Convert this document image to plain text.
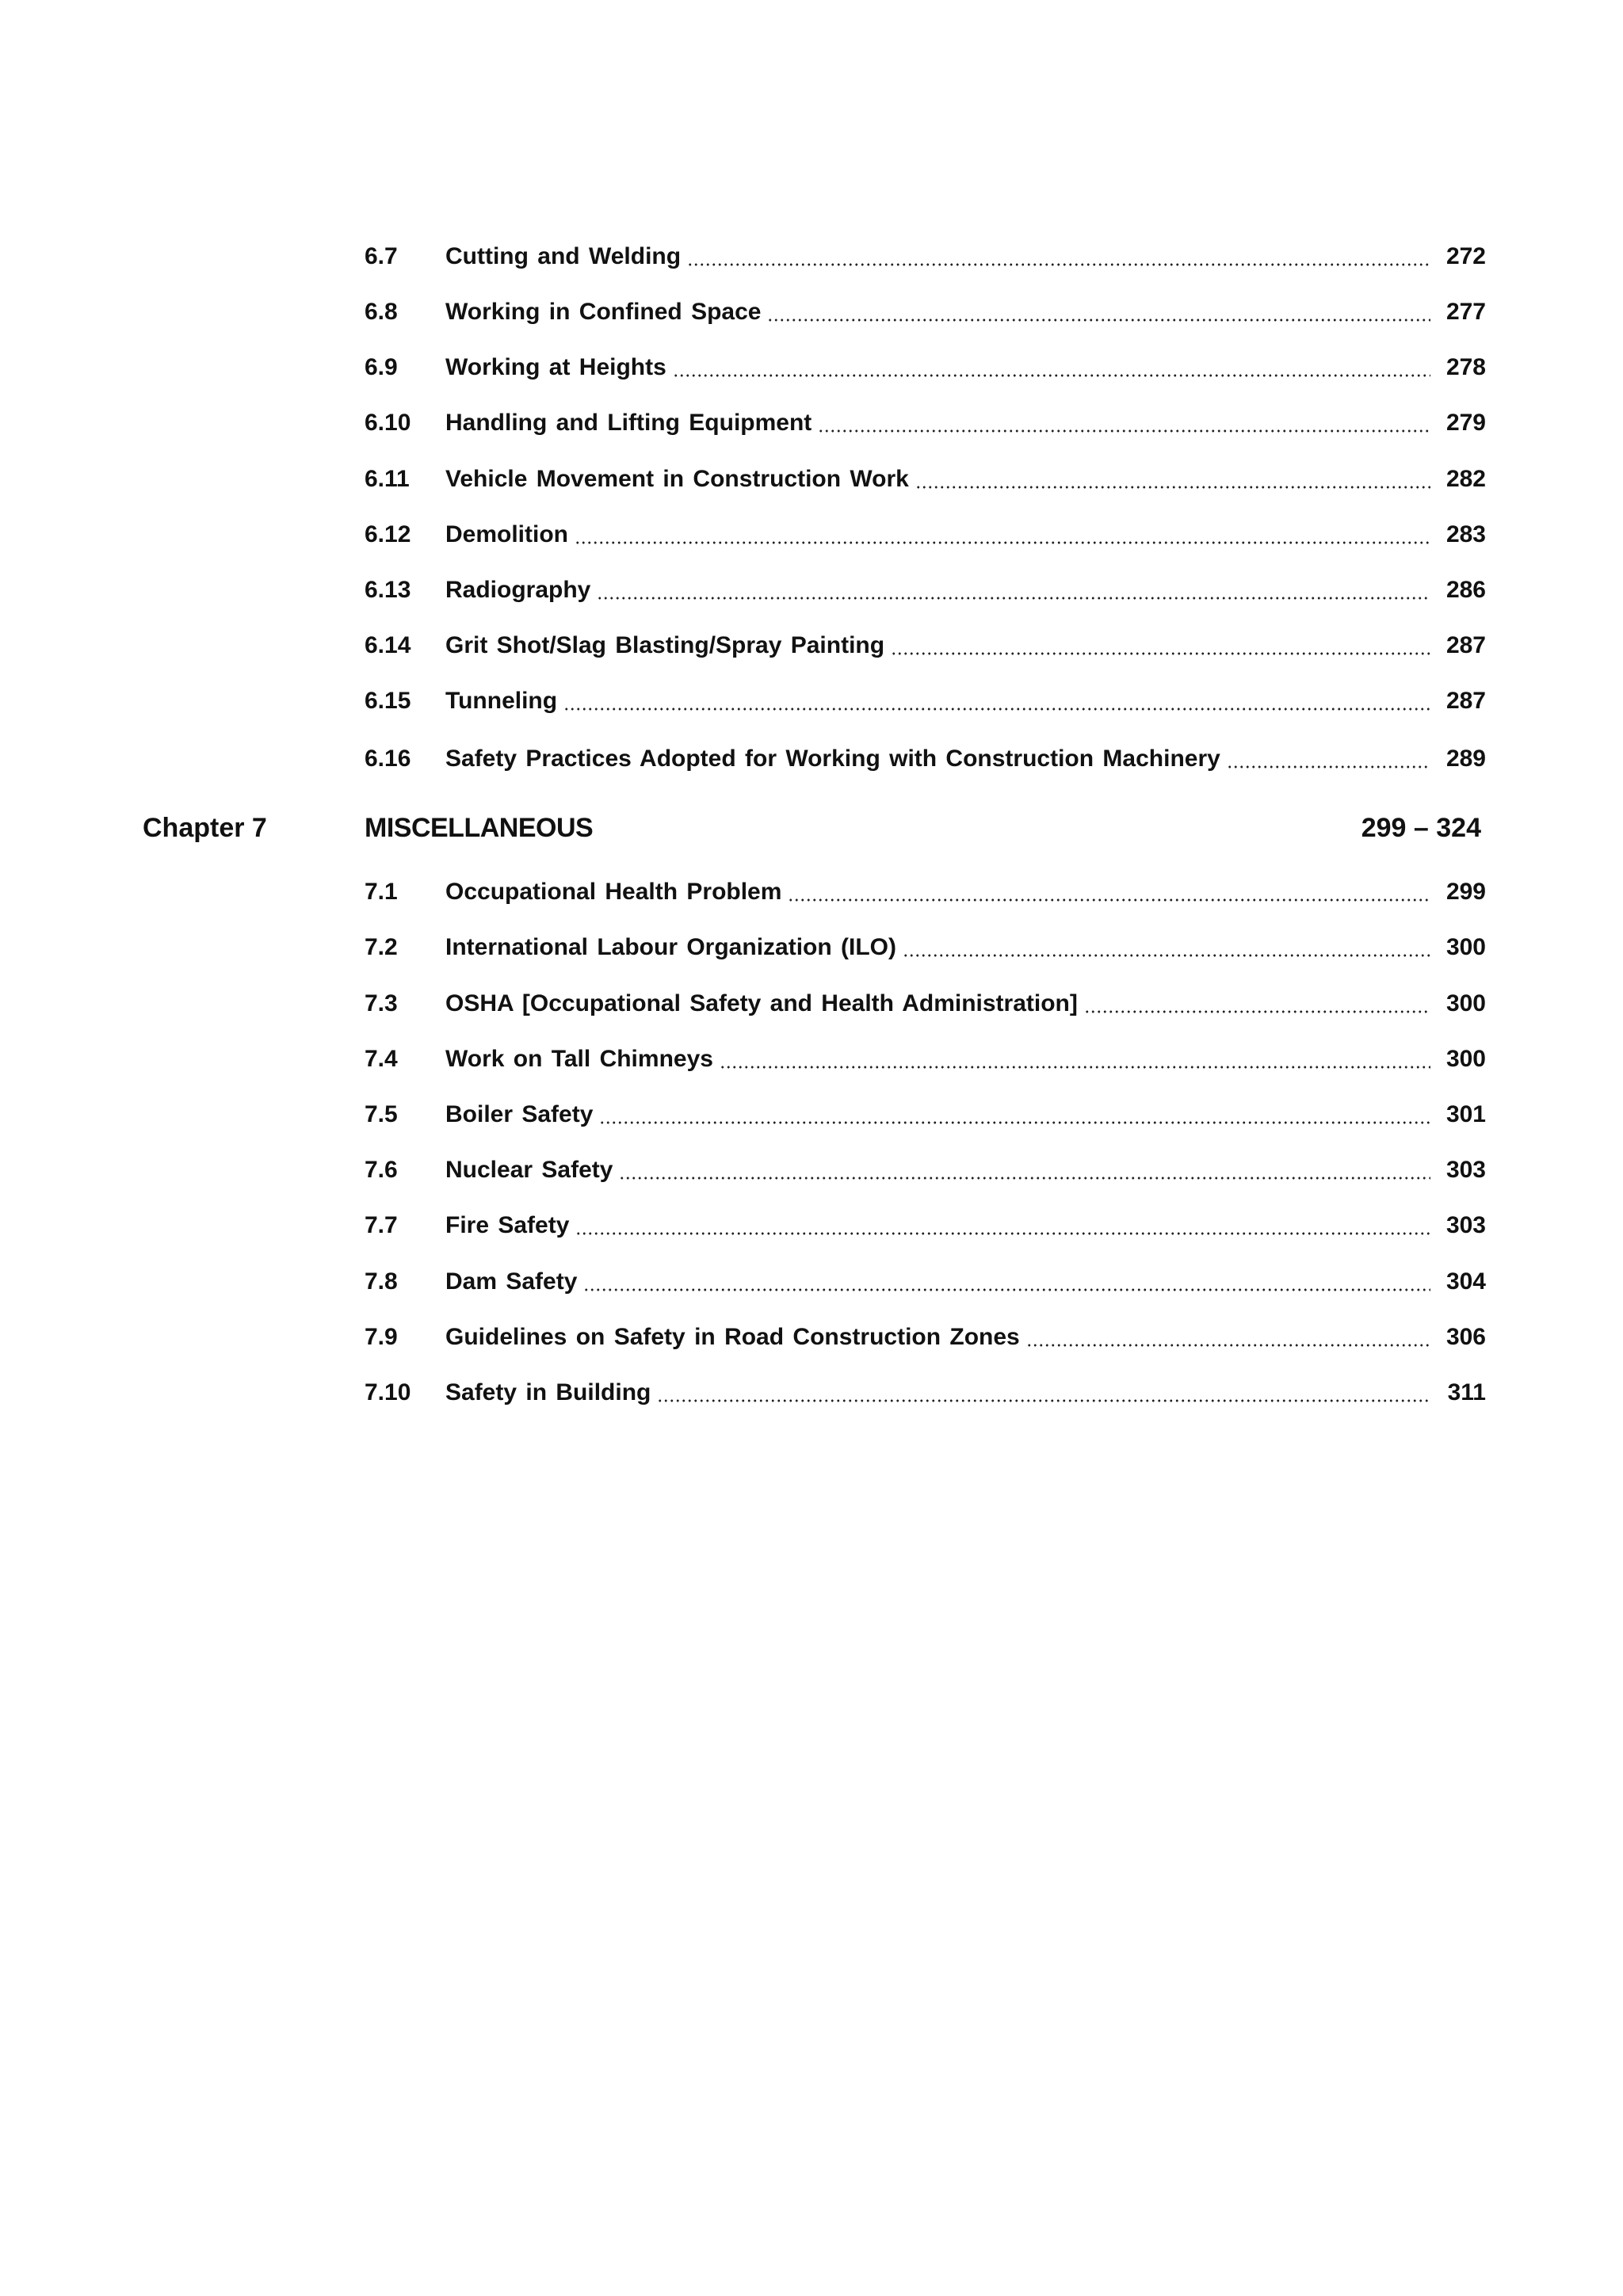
6.7	Cutting and Welding	272
6.8	Working in Confined Space	277
6.9	Working at Heights	278
6.10	Handling and Lifting Equipment	279
6.11	Vehicle Movement in Construction Work	282
6.12	Demolition	283
6.13	Radiography	286
6.14	Grit Shot/Slag Blasting/Spray Painting	287
6.15	Tunneling	287
6.16	Safety Practices Adopted for Working with Construction Machinery	289
Chapter 7	MISCELLANEOUS	299 – 324
7.1	Occupational Health Problem	299
7.2	International Labour Organization (ILO)	300
7.3	OSHA [Occupational Safety and Health Administration]	300
7.4	Work on Tall Chimneys	300
7.5	Boiler Safety	301
7.6	Nuclear Safety	303
7.7	Fire Safety	303
7.8	Dam Safety	304
7.9	Guidelines on Safety in Road Construction Zones	306
7.10	Safety in Building	311
